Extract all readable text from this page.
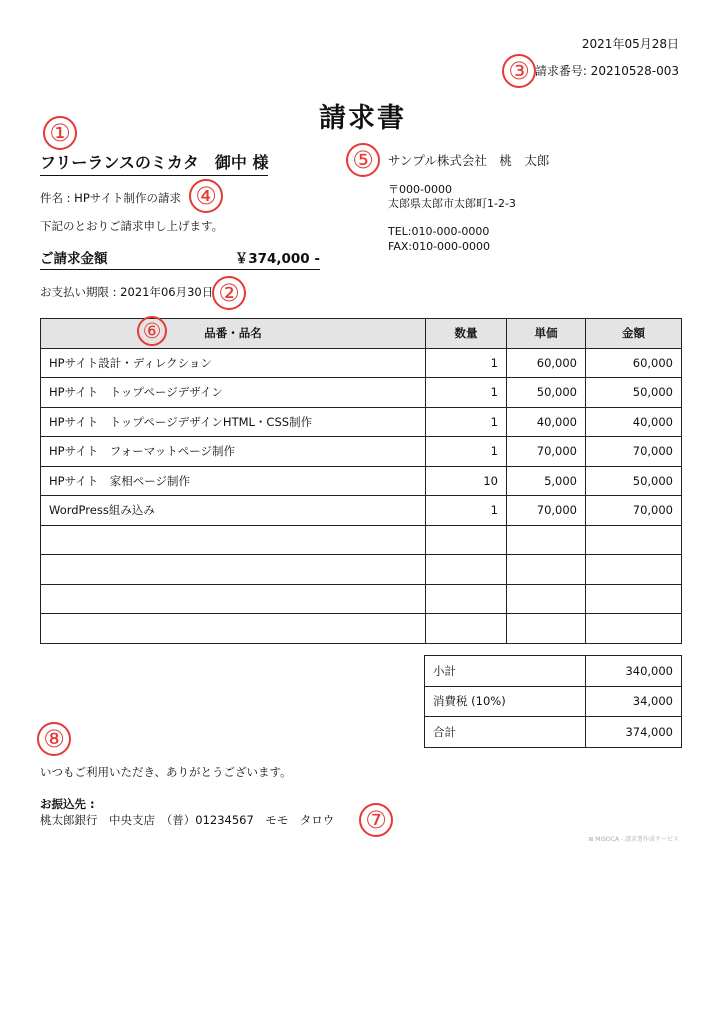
2021年05月28日
請求番号: 20210528-003
③
請求書
①
フリーランスのミカタ　御中 様
件名 : HPサイト制作の請求 ④
下記のとおりご請求申し上げます。
ご請求金額	￥374,000 -
お支払い期限 : 2021年06月30日 ②
⑤	サンプル株式会社　桃　太郎
〒000-0000
太郎県太郎市太郎町1-2-3
TEL:010-000-0000
FAX:010-000-0000
品番・品名	数量	単価	金額
HPサイト設計・ディレクション	1	60,000	60,000
HPサイト　トップページデザイン	1	50,000	50,000
HPサイト　トップページデザインHTML・CSS制作	1	40,000	40,000
HPサイト　フォーマットページ制作	1	70,000	70,000
HPサイト　家相ページ制作	10	5,000	50,000
WordPress組み込み	1	70,000	70,000

⑥
小計	340,000
消費税 (10%)	34,000
合計	374,000
⑧
いつもご利用いただき、ありがとうございます。
お振込先 :
桃太郎銀行　中央支店　（普）01234567　モモ　タロウ ⑦
⊞ MISOCA - 請求書作成サービス
